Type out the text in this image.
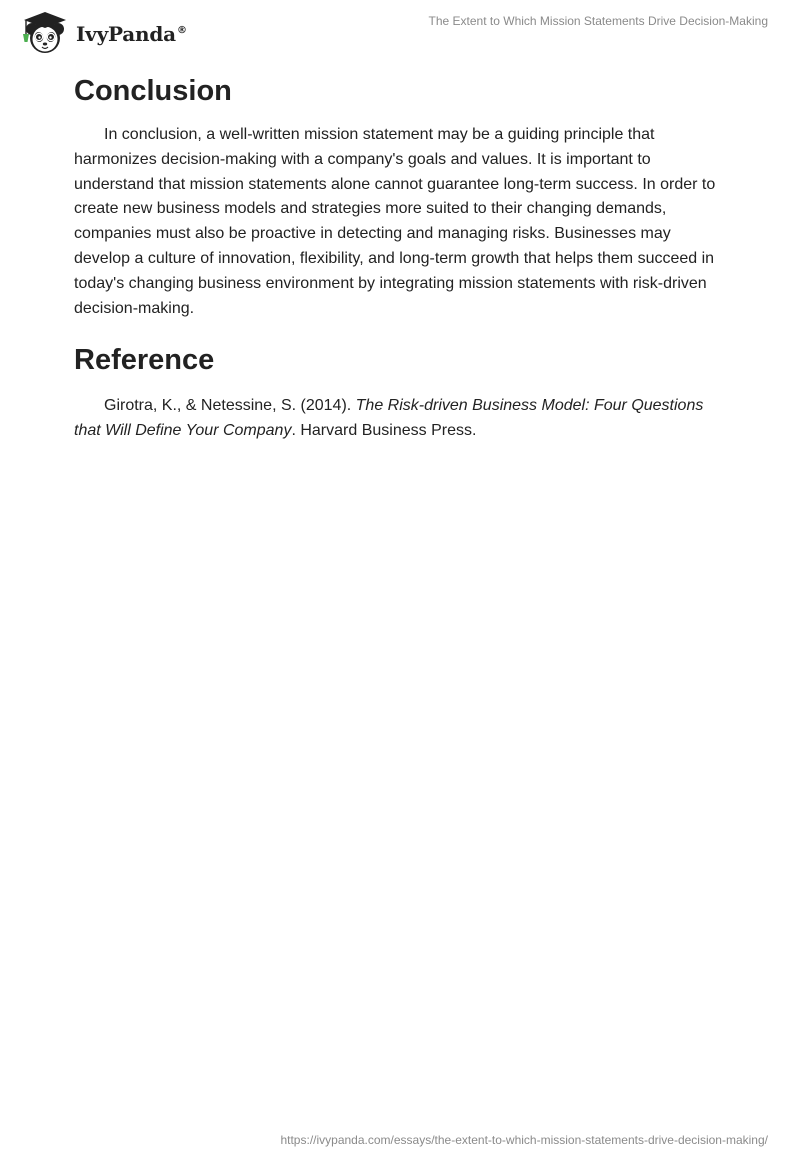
IvyPanda®
The Extent to Which Mission Statements Drive Decision-Making
Conclusion

In conclusion, a well-written mission statement may be a guiding principle that harmonizes decision-making with a company's goals and values. It is important to understand that mission statements alone cannot guarantee long-term success. In order to create new business models and strategies more suited to their changing demands, companies must also be proactive in detecting and managing risks. Businesses may develop a culture of innovation, flexibility, and long-term growth that helps them succeed in today's changing business environment by integrating mission statements with risk-driven decision-making.

Reference

Girotra, K., & Netessine, S. (2014). The Risk-driven Business Model: Four Questions that Will Define Your Company. Harvard Business Press.

https://ivypanda.com/essays/the-extent-to-which-mission-statements-drive-decision-making/
